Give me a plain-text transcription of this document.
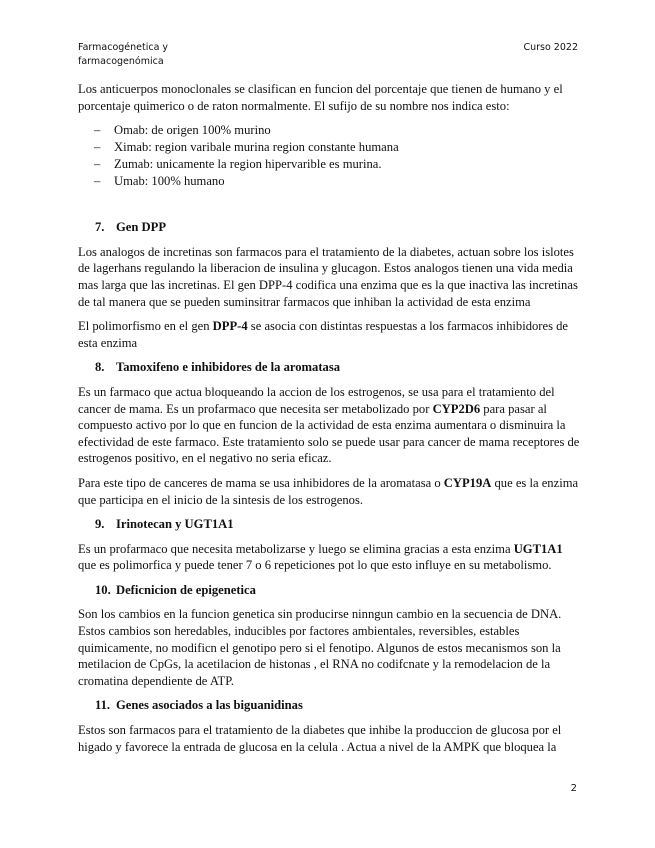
Farmacogénetica y
farmacogenómica
Curso 2022

Los anticuerpos monoclonales se clasifican en funcion del porcentaje que tienen de humano y el porcentaje quimerico o de raton normalmente. El sufijo de su nombre nos indica esto:

– Omab: de origen 100% murino
– Ximab: region varibale murina region constante humana
– Zumab: unicamente la region hipervarible es murina.
– Umab: 100% humano
7. Gen DPP

Los analogos de incretinas son farmacos para el tratamiento de la diabetes, actuan sobre los islotes de lagerhans regulando la liberacion de insulina y glucagon. Estos analogos tienen una vida media mas larga que las incretinas. El gen DPP-4 codifica una enzima que es la que inactiva las incretinas de tal manera que se pueden suminsitrar farmacos que inhiban la actividad de esta enzima

El polimorfismo en el gen DPP-4 se asocia con distintas respuestas a los farmacos inhibidores de esta enzima

8. Tamoxifeno e inhibidores de la aromatasa

Es un farmaco que actua bloqueando la accion de los estrogenos, se usa para el tratamiento del cancer de mama. Es un profarmaco que necesita ser metabolizado por CYP2D6 para pasar al compuesto activo por lo que en funcion de la actividad de esta enzima aumentara o disminuira la efectividad de este farmaco. Este tratamiento solo se puede usar para cancer de mama receptores de estrogenos positivo, en el negativo no seria eficaz.

Para este tipo de canceres de mama se usa inhibidores de la aromatasa o CYP19A que es la enzima que participa en el inicio de la sintesis de los estrogenos.

9. Irinotecan y UGT1A1

Es un profarmaco que necesita metabolizarse y luego se elimina gracias a esta enzima UGT1A1 que es polimorfica y puede tener 7 o 6 repeticiones pot lo que esto influye en su metabolismo.

10. Deficnicion de epigenetica

Son los cambios en la funcion genetica sin producirse ninngun cambio en la secuencia de DNA. Estos cambios son heredables, inducibles por factores ambientales, reversibles, estables quimicamente, no modificn el genotipo pero si el fenotipo. Algunos de estos mecanismos son la metilacion de CpGs, la acetilacion de histonas , el RNA no codifcnate y la remodelacion de la cromatina dependiente de ATP.

11. Genes asociados a las biguanidinas

Estos son farmacos para el tratamiento de la diabetes que inhibe la produccion de glucosa por el higado y favorece la entrada de glucosa en la celula . Actua a nivel de la AMPK que bloquea la

2
